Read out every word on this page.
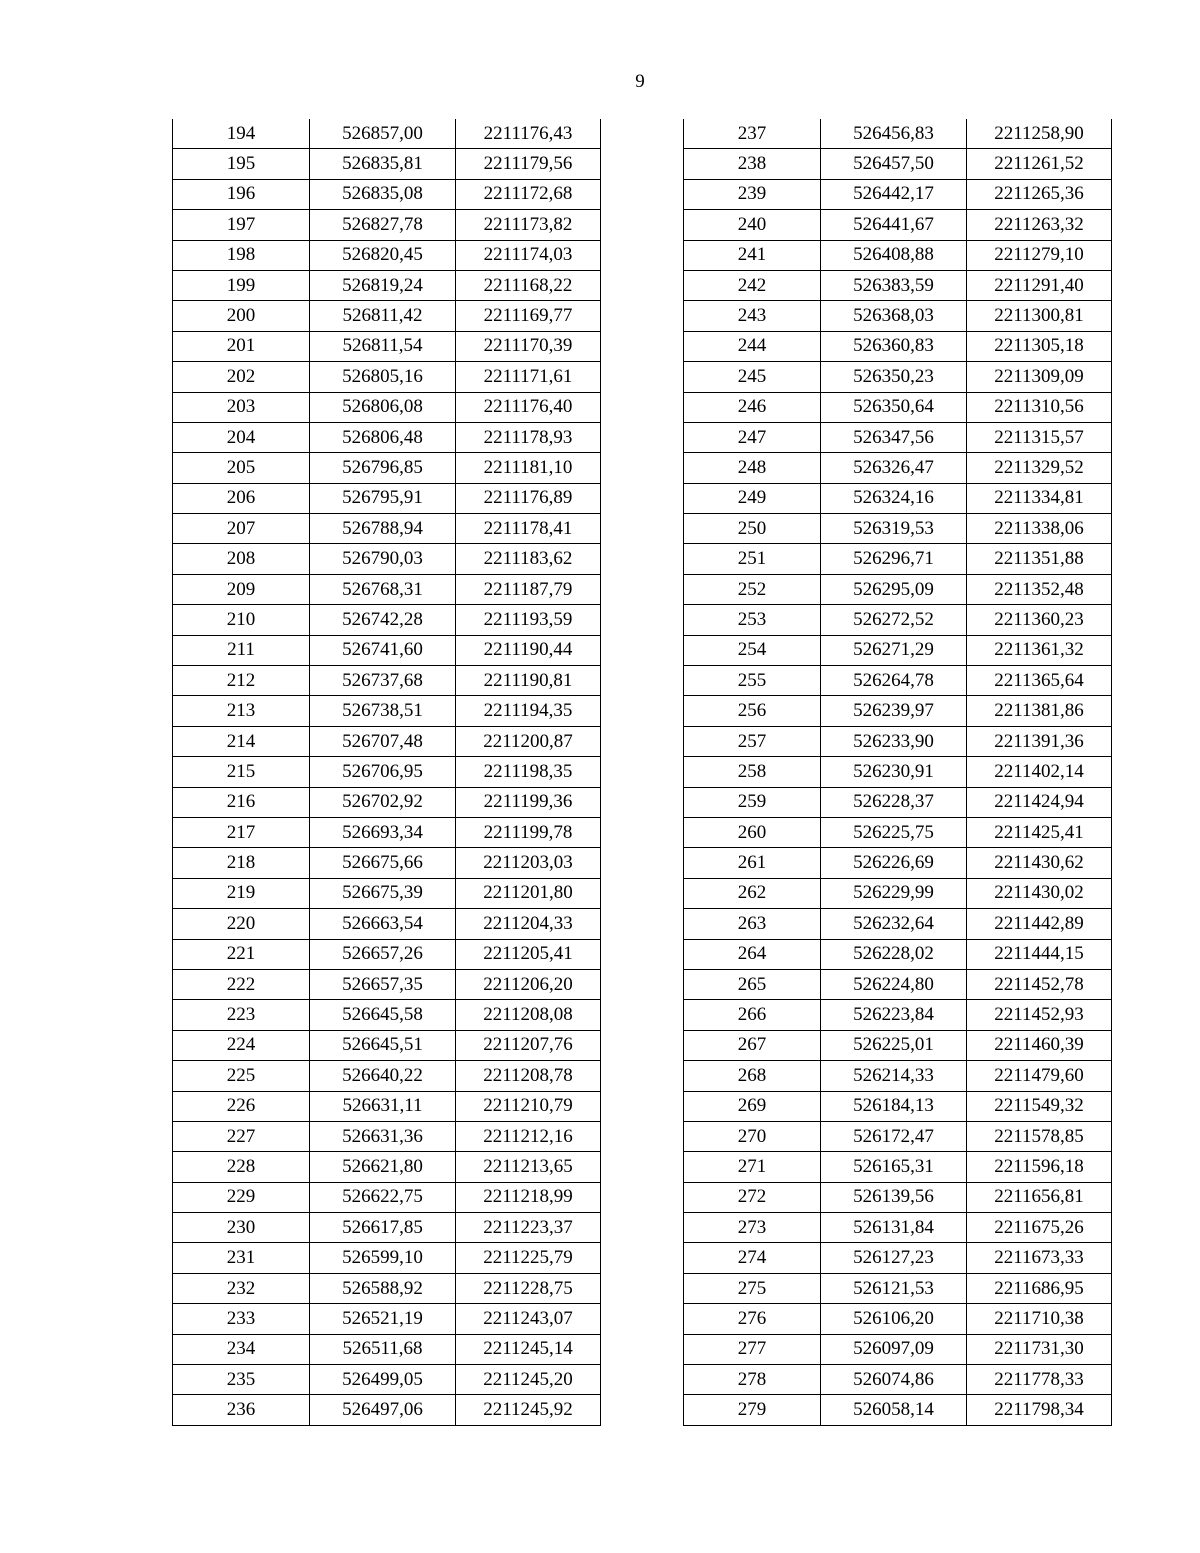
9
194	526857,00	2211176,43
195	526835,81	2211179,56
196	526835,08	2211172,68
197	526827,78	2211173,82
198	526820,45	2211174,03
199	526819,24	2211168,22
200	526811,42	2211169,77
201	526811,54	2211170,39
202	526805,16	2211171,61
203	526806,08	2211176,40
204	526806,48	2211178,93
205	526796,85	2211181,10
206	526795,91	2211176,89
207	526788,94	2211178,41
208	526790,03	2211183,62
209	526768,31	2211187,79
210	526742,28	2211193,59
211	526741,60	2211190,44
212	526737,68	2211190,81
213	526738,51	2211194,35
214	526707,48	2211200,87
215	526706,95	2211198,35
216	526702,92	2211199,36
217	526693,34	2211199,78
218	526675,66	2211203,03
219	526675,39	2211201,80
220	526663,54	2211204,33
221	526657,26	2211205,41
222	526657,35	2211206,20
223	526645,58	2211208,08
224	526645,51	2211207,76
225	526640,22	2211208,78
226	526631,11	2211210,79
227	526631,36	2211212,16
228	526621,80	2211213,65
229	526622,75	2211218,99
230	526617,85	2211223,37
231	526599,10	2211225,79
232	526588,92	2211228,75
233	526521,19	2211243,07
234	526511,68	2211245,14
235	526499,05	2211245,20
236	526497,06	2211245,92
237	526456,83	2211258,90
238	526457,50	2211261,52
239	526442,17	2211265,36
240	526441,67	2211263,32
241	526408,88	2211279,10
242	526383,59	2211291,40
243	526368,03	2211300,81
244	526360,83	2211305,18
245	526350,23	2211309,09
246	526350,64	2211310,56
247	526347,56	2211315,57
248	526326,47	2211329,52
249	526324,16	2211334,81
250	526319,53	2211338,06
251	526296,71	2211351,88
252	526295,09	2211352,48
253	526272,52	2211360,23
254	526271,29	2211361,32
255	526264,78	2211365,64
256	526239,97	2211381,86
257	526233,90	2211391,36
258	526230,91	2211402,14
259	526228,37	2211424,94
260	526225,75	2211425,41
261	526226,69	2211430,62
262	526229,99	2211430,02
263	526232,64	2211442,89
264	526228,02	2211444,15
265	526224,80	2211452,78
266	526223,84	2211452,93
267	526225,01	2211460,39
268	526214,33	2211479,60
269	526184,13	2211549,32
270	526172,47	2211578,85
271	526165,31	2211596,18
272	526139,56	2211656,81
273	526131,84	2211675,26
274	526127,23	2211673,33
275	526121,53	2211686,95
276	526106,20	2211710,38
277	526097,09	2211731,30
278	526074,86	2211778,33
279	526058,14	2211798,34
